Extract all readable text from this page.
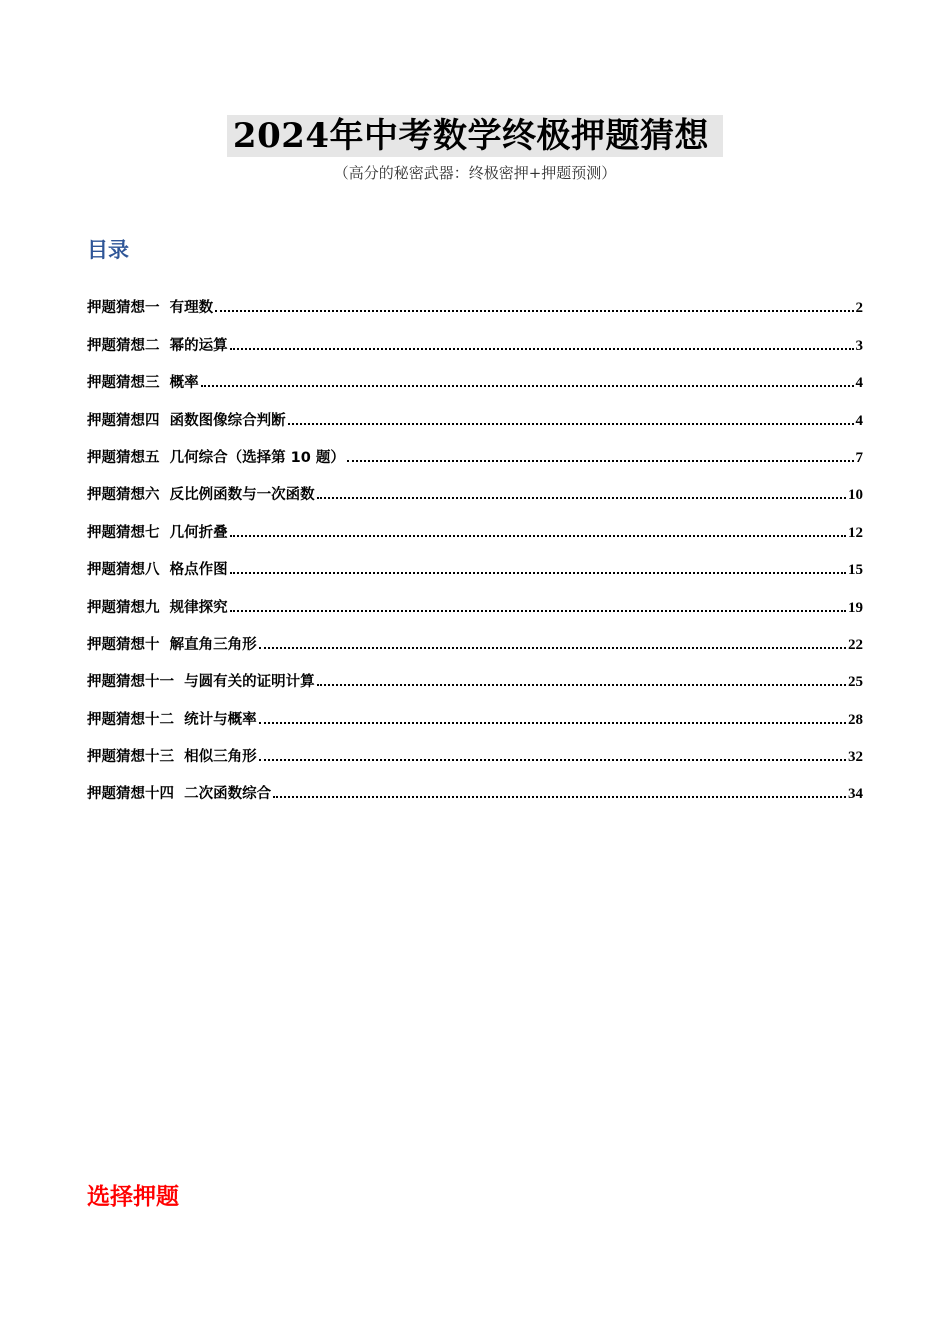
2024年中考数学终极押题猜想
（高分的秘密武器：终极密押+押题预测）
目录
押题猜想一  有理数	2
押题猜想二  幂的运算	3
押题猜想三  概率	4
押题猜想四  函数图像综合判断	4
押题猜想五  几何综合（选择第 10 题）	7
押题猜想六  反比例函数与一次函数	10
押题猜想七  几何折叠	12
押题猜想八  格点作图	15
押题猜想九  规律探究	19
押题猜想十  解直角三角形	22
押题猜想十一  与圆有关的证明计算	25
押题猜想十二  统计与概率	28
押题猜想十三  相似三角形	32
押题猜想十四  二次函数综合	34
选择押题
